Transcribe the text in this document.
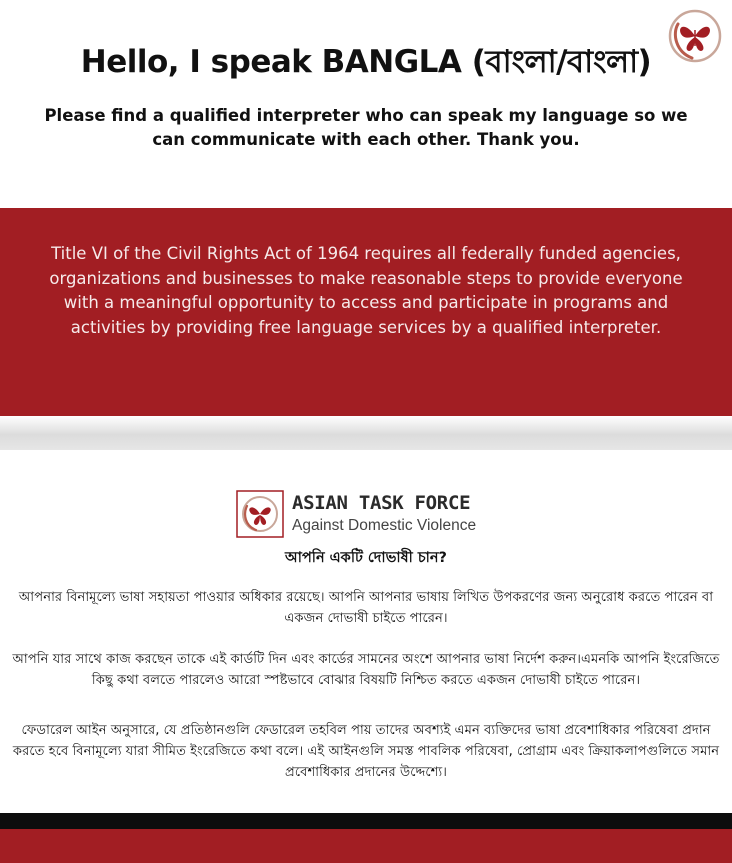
Hello, I speak BANGLA (বাংলা/বাংলা)
Please find a qualified interpreter who can speak my language so we can communicate with each other. Thank you.
Title VI of the Civil Rights Act of 1964 requires all federally funded agencies, organizations and businesses to make reasonable steps to provide everyone with a meaningful opportunity to access and participate in programs and activities by providing free language services by a qualified interpreter.
ASIAN TASK FORCE
Against Domestic Violence
আপনি একটি দোভাষী চান?
আপনার বিনামূল্যে ভাষা সহায়তা পাওয়ার অধিকার রয়েছে। আপনি আপনার ভাষায় লিখিত উপকরণের জন্য অনুরোধ করতে পারেন বা একজন দোভাষী চাইতে পারেন।
আপনি যার সাথে কাজ করছেন তাকে এই কার্ডটি দিন এবং কার্ডের সামনের অংশে আপনার ভাষা নির্দেশ করুন।এমনকি আপনি ইংরেজিতে কিছু কথা বলতে পারলেও আরো স্পষ্টভাবে বোঝার বিষয়টি নিশ্চিত করতে একজন দোভাষী চাইতে পারেন।
ফেডারেল আইন অনুসারে, যে প্রতিষ্ঠানগুলি ফেডারেল তহবিল পায় তাদের অবশ্যই এমন ব্যক্তিদের ভাষা প্রবেশাধিকার পরিষেবা প্রদান করতে হবে বিনামূল্যে যারা সীমিত ইংরেজিতে কথা বলে। এই আইনগুলি সমস্ত পাবলিক পরিষেবা, প্রোগ্রাম এবং ক্রিয়াকলাপগুলিতে সমান প্রবেশাধিকার প্রদানের উদ্দেশ্যে।
